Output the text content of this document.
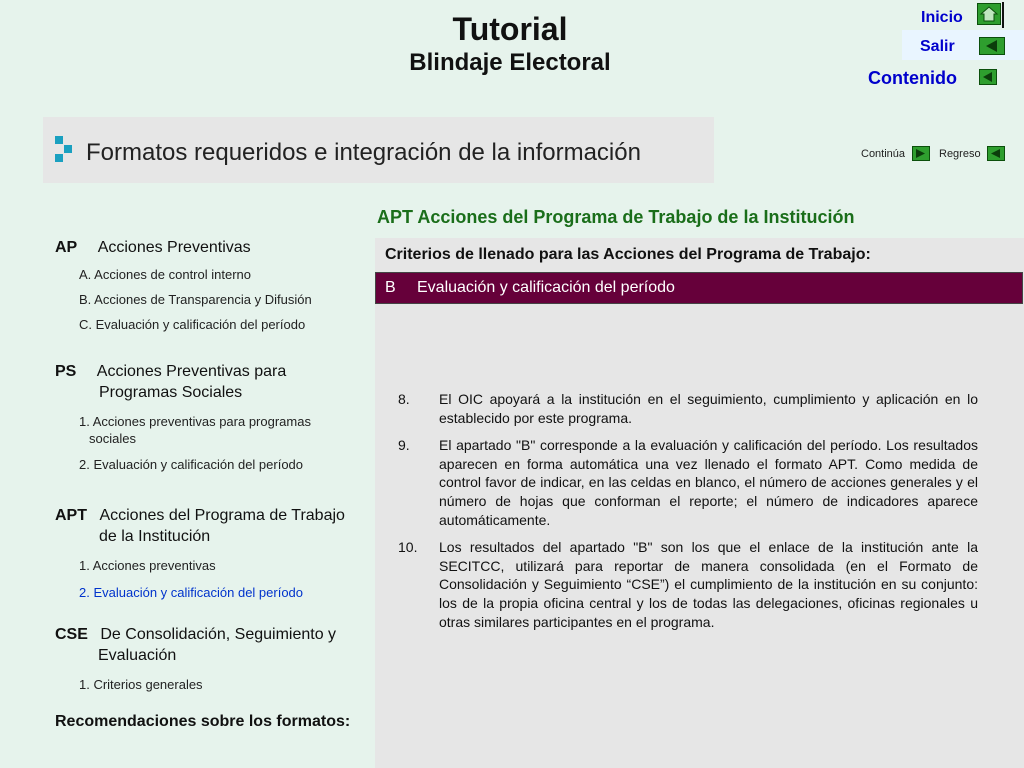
Tutorial
Blindaje Electoral
Inicio
Salir
Contenido
Formatos requeridos e integración de la información	Continúa	Regreso
AP Acciones Preventivas
A. Acciones de control interno
B. Acciones de Transparencia y Difusión
C. Evaluación y calificación del período
PS Acciones Preventivas para
Programas Sociales
1. Acciones preventivas para programas
sociales
2. Evaluación y calificación del período
APT Acciones del Programa de Trabajo
de la Institución
1. Acciones preventivas
2. Evaluación y calificación del período
CSE De Consolidación, Seguimiento y
Evaluación
1. Criterios generales
Recomendaciones sobre los formatos:
APT Acciones del Programa de Trabajo de la Institución
Criterios de llenado para las Acciones del Programa de Trabajo:
B Evaluación y calificación del período
8.	El OIC apoyará a la institución en el seguimiento, cumplimiento y aplicación en lo establecido por este programa.
9.	El apartado "B" corresponde a la evaluación y calificación del período. Los resultados aparecen en forma automática una vez llenado el formato APT. Como medida de control favor de indicar, en las celdas en blanco, el número de acciones generales y el número de hojas que conforman el reporte; el número de indicadores aparece automáticamente.
10.	Los resultados del apartado "B" son los que el enlace de la institución ante la SECITCC, utilizará para reportar de manera consolidada (en el Formato de Consolidación y Seguimiento “CSE”) el cumplimiento de la institución en su conjunto: los de la propia oficina central y los de todas las delegaciones, oficinas regionales u otras similares participantes en el programa.
